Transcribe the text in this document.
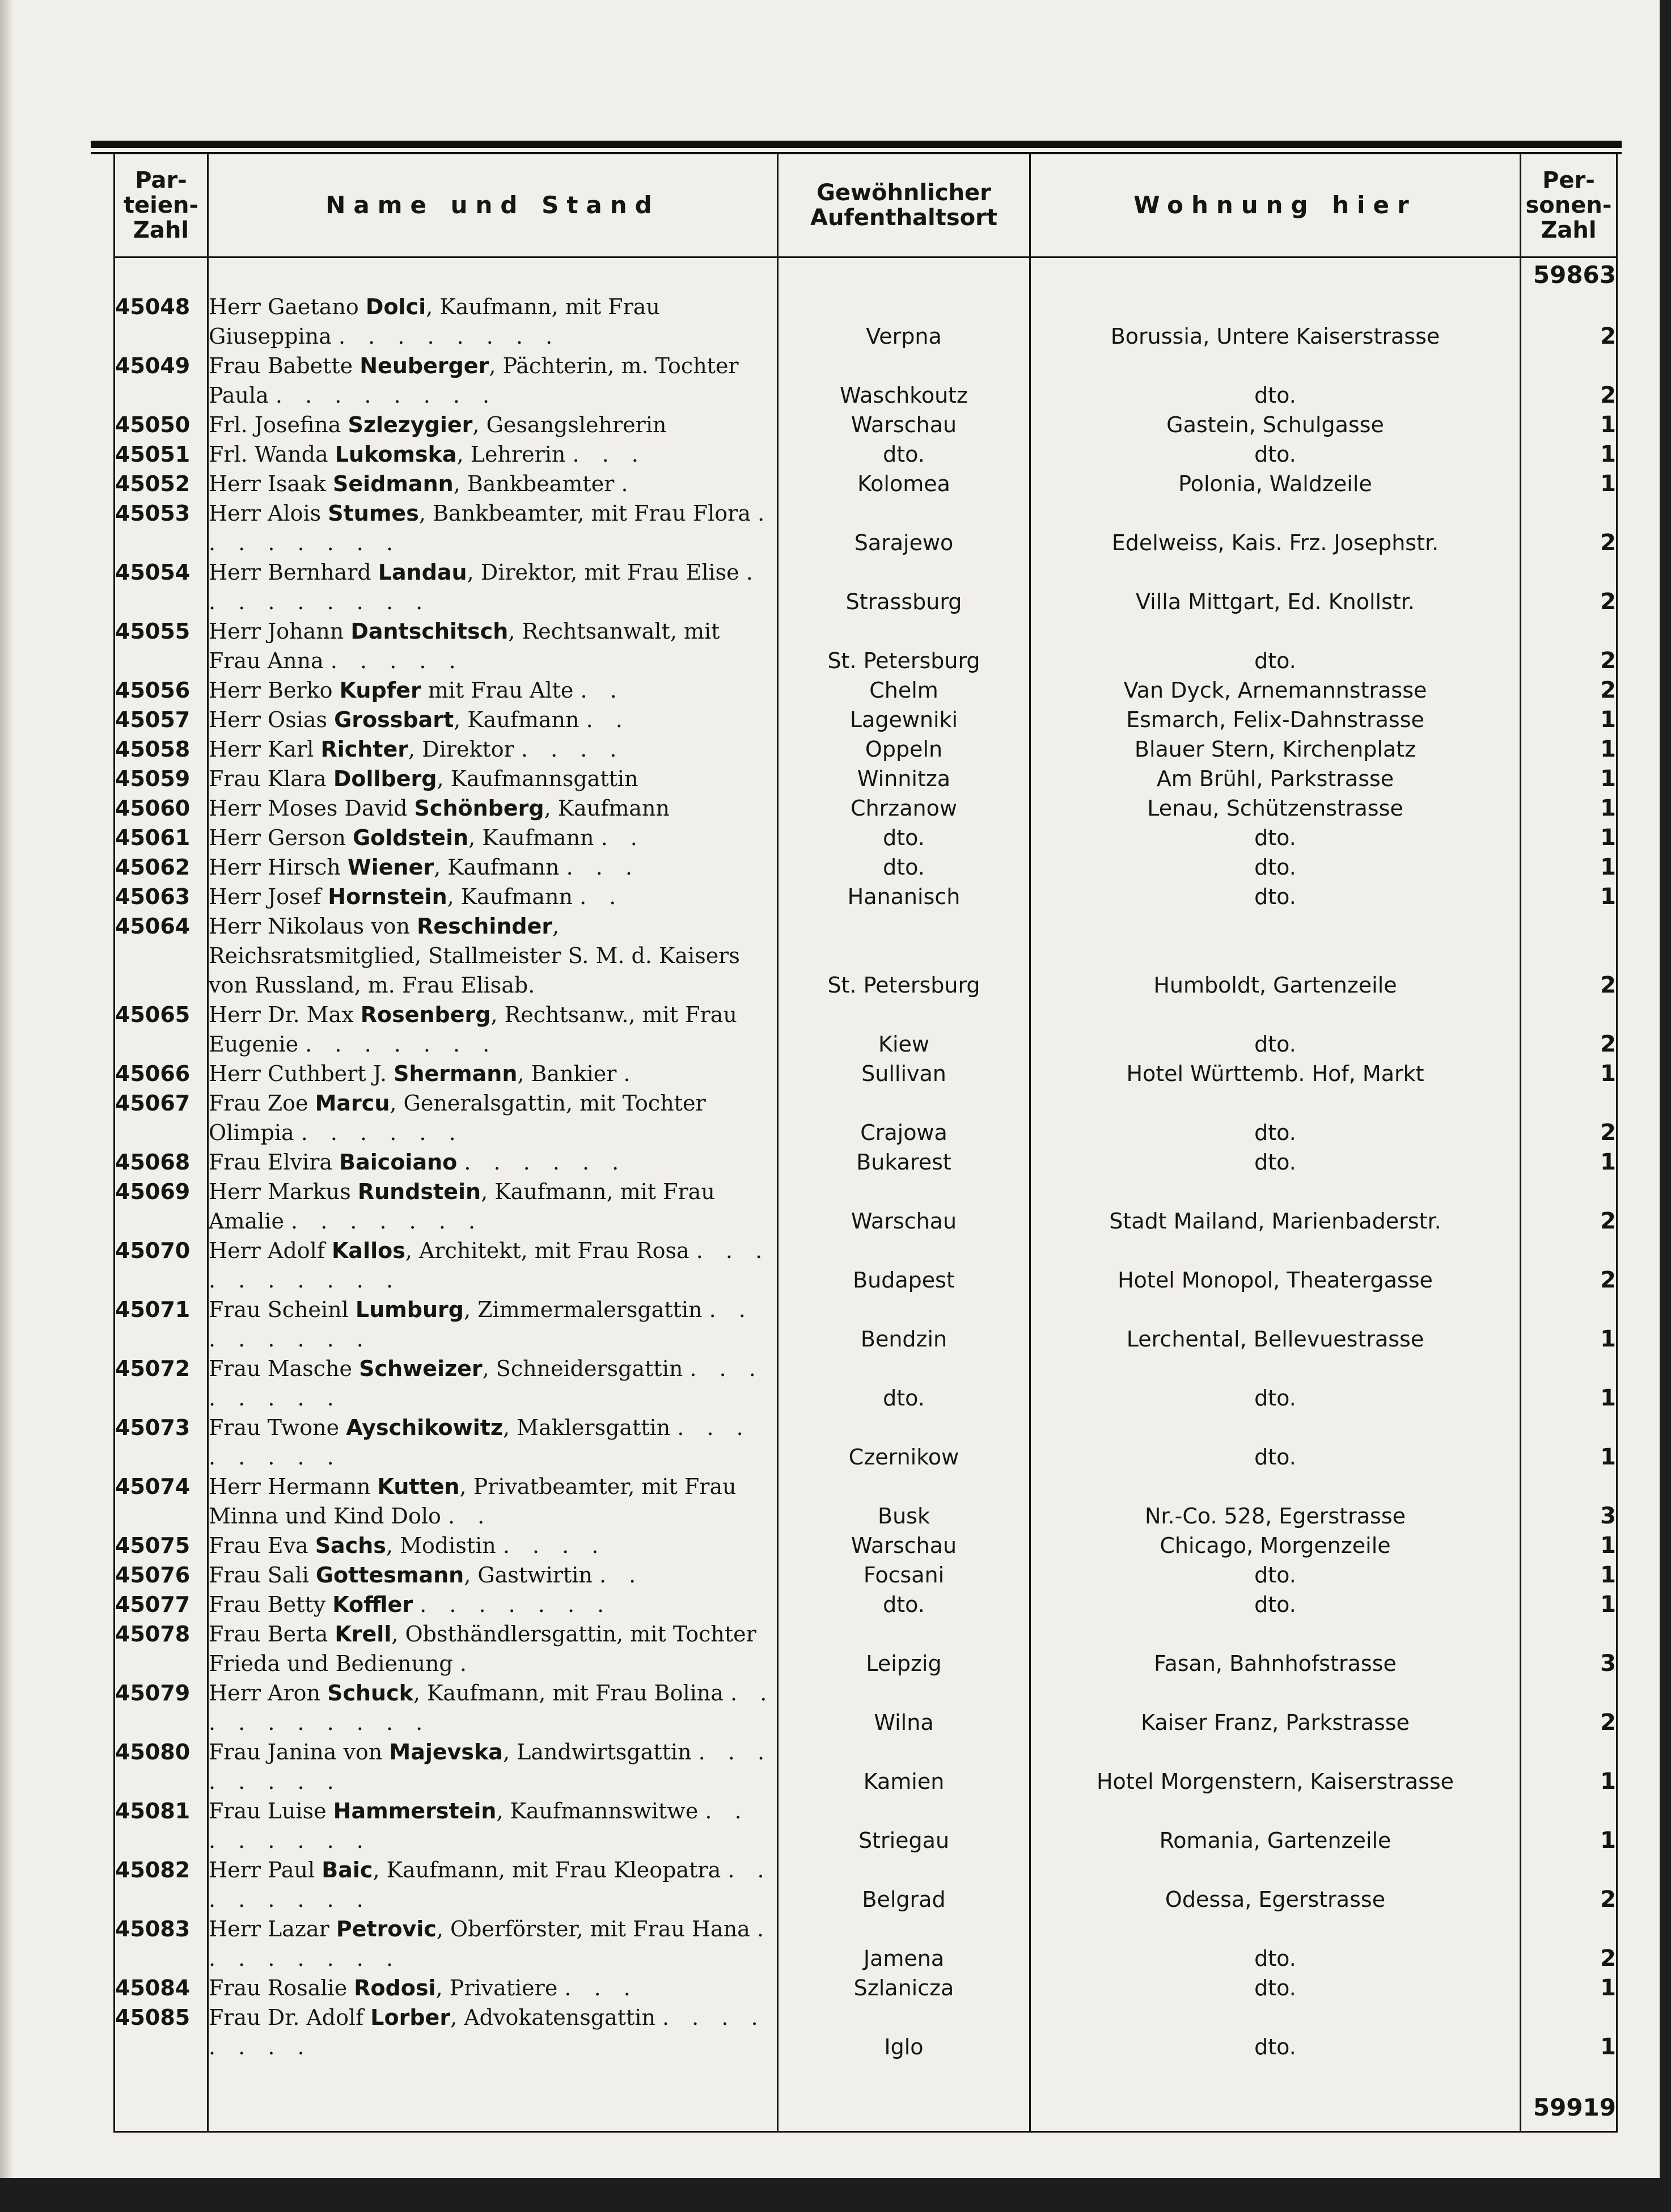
Par-teien-Zahl	Name und Stand	Gewöhnlicher Aufenthaltsort	Wohnung hier	Per-sonen-Zahl
				59863
45048	Herr Gaetano Dolci, Kaufmann, mit Frau Giuseppina . . . . . . . .	Verpna	Borussia, Untere Kaiserstrasse	2
45049	Frau Babette Neuberger, Pächterin, m. Tochter Paula . . . . . . . .	Waschkoutz	dto.	2
45050	Frl. Josefina Szlezygier, Gesangslehrerin	Warschau	Gastein, Schulgasse	1
45051	Frl. Wanda Lukomska, Lehrerin . . .	dto.	dto.	1
45052	Herr Isaak Seidmann, Bankbeamter .	Kolomea	Polonia, Waldzeile	1
45053	Herr Alois Stumes, Bankbeamter, mit Frau Flora . . . . . . . .	Sarajewo	Edelweiss, Kais. Frz. Josephstr.	2
45054	Herr Bernhard Landau, Direktor, mit Frau Elise . . . . . . . . .	Strassburg	Villa Mittgart, Ed. Knollstr.	2
45055	Herr Johann Dantschitsch, Rechtsanwalt, mit Frau Anna . . . . .	St. Petersburg	dto.	2
45056	Herr Berko Kupfer mit Frau Alte . .	Chelm	Van Dyck, Arnemannstrasse	2
45057	Herr Osias Grossbart, Kaufmann . .	Lagewniki	Esmarch, Felix-Dahnstrasse	1
45058	Herr Karl Richter, Direktor . . . .	Oppeln	Blauer Stern, Kirchenplatz	1
45059	Frau Klara Dollberg, Kaufmannsgattin	Winnitza	Am Brühl, Parkstrasse	1
45060	Herr Moses David Schönberg, Kaufmann	Chrzanow	Lenau, Schützenstrasse	1
45061	Herr Gerson Goldstein, Kaufmann . .	dto.	dto.	1
45062	Herr Hirsch Wiener, Kaufmann . . .	dto.	dto.	1
45063	Herr Josef Hornstein, Kaufmann . .	Hananisch	dto.	1
45064	Herr Nikolaus von Reschinder, Reichsratsmitglied, Stallmeister S. M. d. Kaisers von Russland, m. Frau Elisab.	St. Petersburg	Humboldt, Gartenzeile	2
45065	Herr Dr. Max Rosenberg, Rechtsanw., mit Frau Eugenie . . . . . . .	Kiew	dto.	2
45066	Herr Cuthbert J. Shermann, Bankier .	Sullivan	Hotel Württemb. Hof, Markt	1
45067	Frau Zoe Marcu, Generalsgattin, mit Tochter Olimpia . . . . . .	Crajowa	dto.	2
45068	Frau Elvira Baicoiano . . . . . .	Bukarest	dto.	1
45069	Herr Markus Rundstein, Kaufmann, mit Frau Amalie . . . . . . .	Warschau	Stadt Mailand, Marienbaderstr.	2
45070	Herr Adolf Kallos, Architekt, mit Frau Rosa . . . . . . . . . .	Budapest	Hotel Monopol, Theatergasse	2
45071	Frau Scheinl Lumburg, Zimmermalersgattin . . . . . . . .	Bendzin	Lerchental, Bellevuestrasse	1
45072	Frau Masche Schweizer, Schneidersgattin . . . . . . . .	dto.	dto.	1
45073	Frau Twone Ayschikowitz, Maklersgattin . . . . . . . .	Czernikow	dto.	1
45074	Herr Hermann Kutten, Privatbeamter, mit Frau Minna und Kind Dolo . .	Busk	Nr.-Co. 528, Egerstrasse	3
45075	Frau Eva Sachs, Modistin . . . .	Warschau	Chicago, Morgenzeile	1
45076	Frau Sali Gottesmann, Gastwirtin . .	Focsani	dto.	1
45077	Frau Betty Koffler . . . . . . .	dto.	dto.	1
45078	Frau Berta Krell, Obsthändlersgattin, mit Tochter Frieda und Bedienung .	Leipzig	Fasan, Bahnhofstrasse	3
45079	Herr Aron Schuck, Kaufmann, mit Frau Bolina . . . . . . . . . .	Wilna	Kaiser Franz, Parkstrasse	2
45080	Frau Janina von Majevska, Landwirtsgattin . . . . . . . .	Kamien	Hotel Morgenstern, Kaiserstrasse	1
45081	Frau Luise Hammerstein, Kaufmannswitwe . . . . . . . .	Striegau	Romania, Gartenzeile	1
45082	Herr Paul Baic, Kaufmann, mit Frau Kleopatra . . . . . . . .	Belgrad	Odessa, Egerstrasse	2
45083	Herr Lazar Petrovic, Oberförster, mit Frau Hana . . . . . . . .	Jamena	dto.	2
45084	Frau Rosalie Rodosi, Privatiere . . .	Szlanicza	dto.	1
45085	Frau Dr. Adolf Lorber, Advokatensgattin . . . . . . . .	Iglo	dto.	1

				59919
